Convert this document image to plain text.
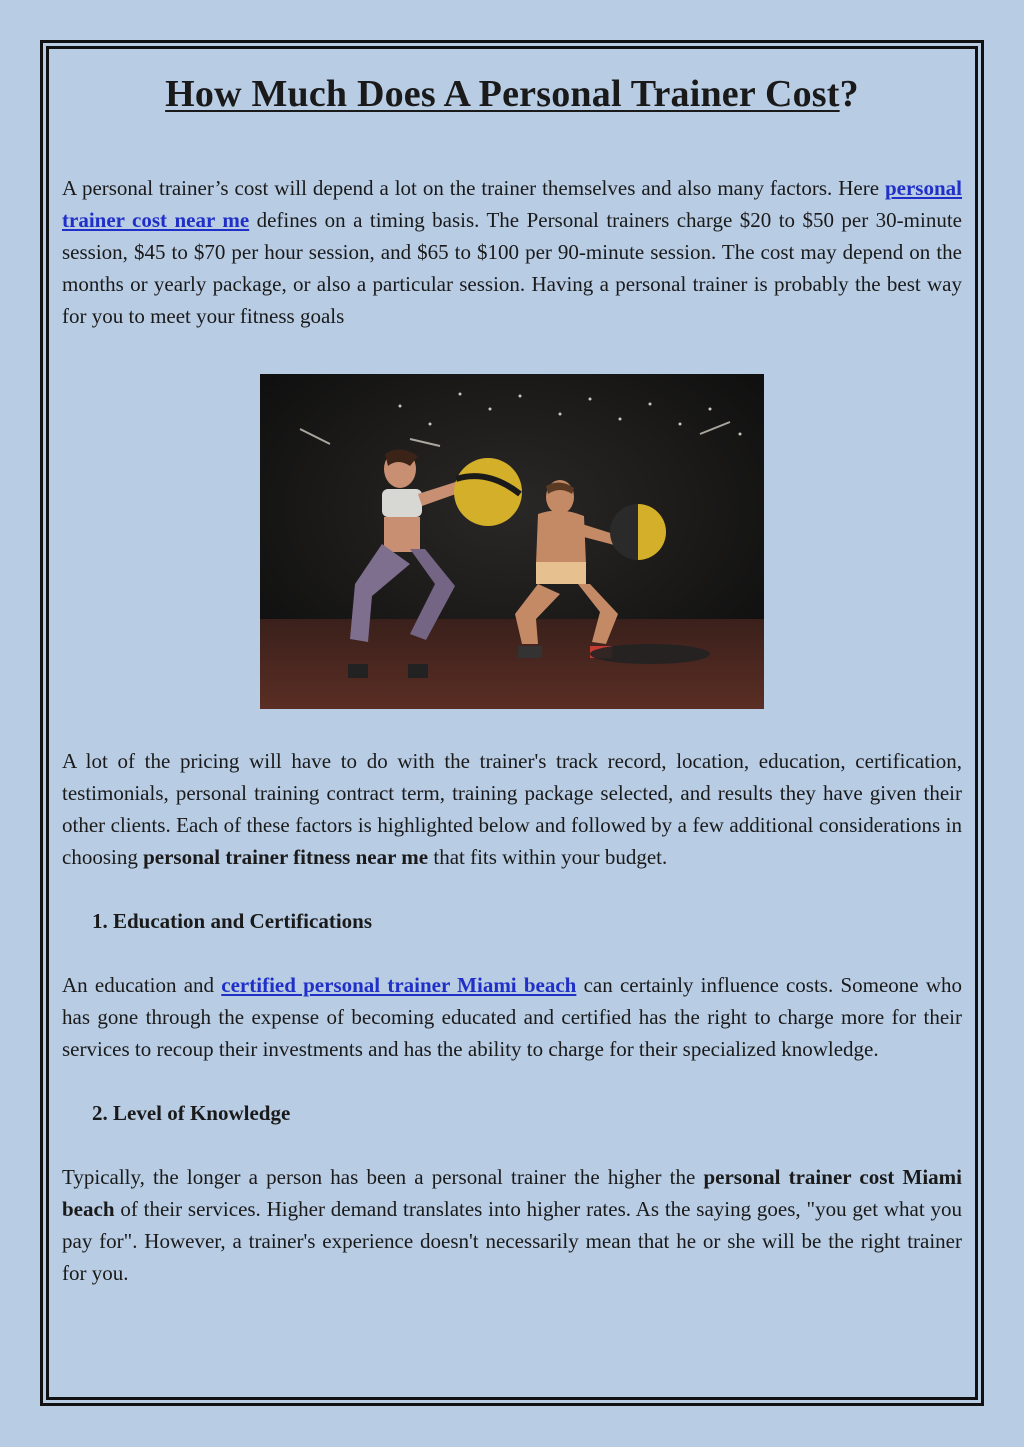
How Much Does A Personal Trainer Cost?

A personal trainer’s cost will depend a lot on the trainer themselves and also many factors. Here personal trainer cost near me defines on a timing basis. The Personal trainers charge $20 to $50 per 30-minute session, $45 to $70 per hour session, and $65 to $100 per 90-minute session. The cost may depend on the months or yearly package, or also a particular session. Having a personal trainer is probably the best way for you to meet your fitness goals

A lot of the pricing will have to do with the trainer's track record, location, education, certification, testimonials, personal training contract term, training package selected, and results they have given their other clients. Each of these factors is highlighted below and followed by a few additional considerations in choosing personal trainer fitness near me that fits within your budget.

1. Education and Certifications

An education and certified personal trainer Miami beach can certainly influence costs. Someone who has gone through the expense of becoming educated and certified has the right to charge more for their services to recoup their investments and has the ability to charge for their specialized knowledge.

2. Level of Knowledge

Typically, the longer a person has been a personal trainer the higher the personal trainer cost Miami beach of their services. Higher demand translates into higher rates. As the saying goes, "you get what you pay for". However, a trainer's experience doesn't necessarily mean that he or she will be the right trainer for you.
